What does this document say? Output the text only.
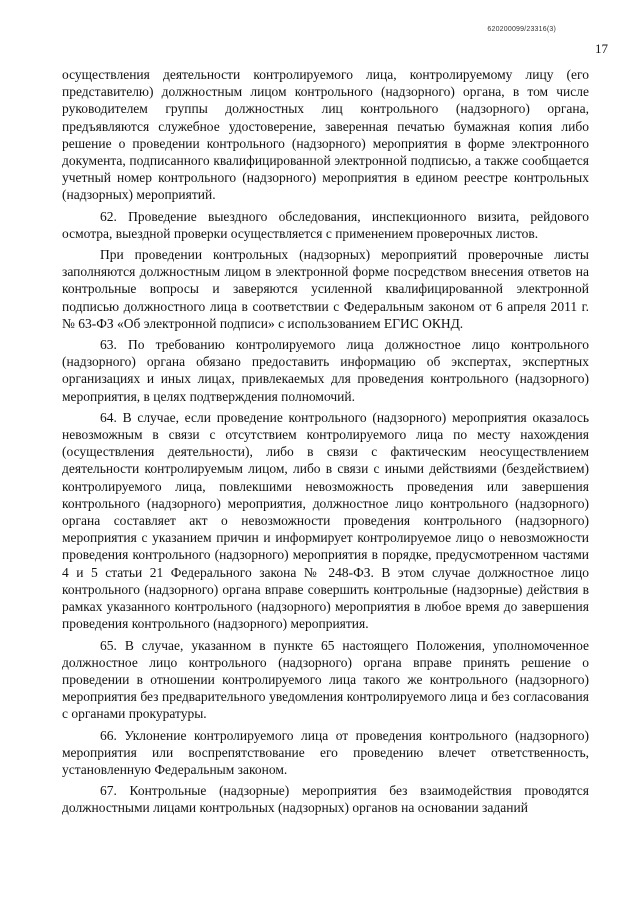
620200099/23316(3)
17

осуществления деятельности контролируемого лица, контролируемому лицу (его представителю) должностным лицом контрольного (надзорного) органа, в том числе руководителем группы должностных лиц контрольного (надзорного) органа, предъявляются служебное удостоверение, заверенная печатью бумажная копия либо решение о проведении контрольного (надзорного) мероприятия в форме электронного документа, подписанного квалифицированной электронной подписью, а также сообщается учетный номер контрольного (надзорного) мероприятия в едином реестре контрольных (надзорных) мероприятий.

62. Проведение выездного обследования, инспекционного визита, рейдового осмотра, выездной проверки осуществляется с применением проверочных листов.

При проведении контрольных (надзорных) мероприятий проверочные листы заполняются должностным лицом в электронной форме посредством внесения ответов на контрольные вопросы и заверяются усиленной квалифицированной электронной подписью должностного лица в соответствии с Федеральным законом от 6 апреля 2011 г. № 63-ФЗ «Об электронной подписи» с использованием ЕГИС ОКНД.

63. По требованию контролируемого лица должностное лицо контрольного (надзорного) органа обязано предоставить информацию об экспертах, экспертных организациях и иных лицах, привлекаемых для проведения контрольного (надзорного) мероприятия, в целях подтверждения полномочий.

64. В случае, если проведение контрольного (надзорного) мероприятия оказалось невозможным в связи с отсутствием контролируемого лица по месту нахождения (осуществления деятельности), либо в связи с фактическим неосуществлением деятельности контролируемым лицом, либо в связи с иными действиями (бездействием) контролируемого лица, повлекшими невозможность проведения или завершения контрольного (надзорного) мероприятия, должностное лицо контрольного (надзорного) органа составляет акт о невозможности проведения контрольного (надзорного) мероприятия с указанием причин и информирует контролируемое лицо о невозможности проведения контрольного (надзорного) мероприятия в порядке, предусмотренном частями 4 и 5 статьи 21 Федерального закона № 248-ФЗ. В этом случае должностное лицо контрольного (надзорного) органа вправе совершить контрольные (надзорные) действия в рамках указанного контрольного (надзорного) мероприятия в любое время до завершения проведения контрольного (надзорного) мероприятия.

65. В случае, указанном в пункте 65 настоящего Положения, уполномоченное должностное лицо контрольного (надзорного) органа вправе принять решение о проведении в отношении контролируемого лица такого же контрольного (надзорного) мероприятия без предварительного уведомления контролируемого лица и без согласования с органами прокуратуры.

66. Уклонение контролируемого лица от проведения контрольного (надзорного) мероприятия или воспрепятствование его проведению влечет ответственность, установленную Федеральным законом.

67. Контрольные (надзорные) мероприятия без взаимодействия проводятся должностными лицами контрольных (надзорных) органов на основании заданий
